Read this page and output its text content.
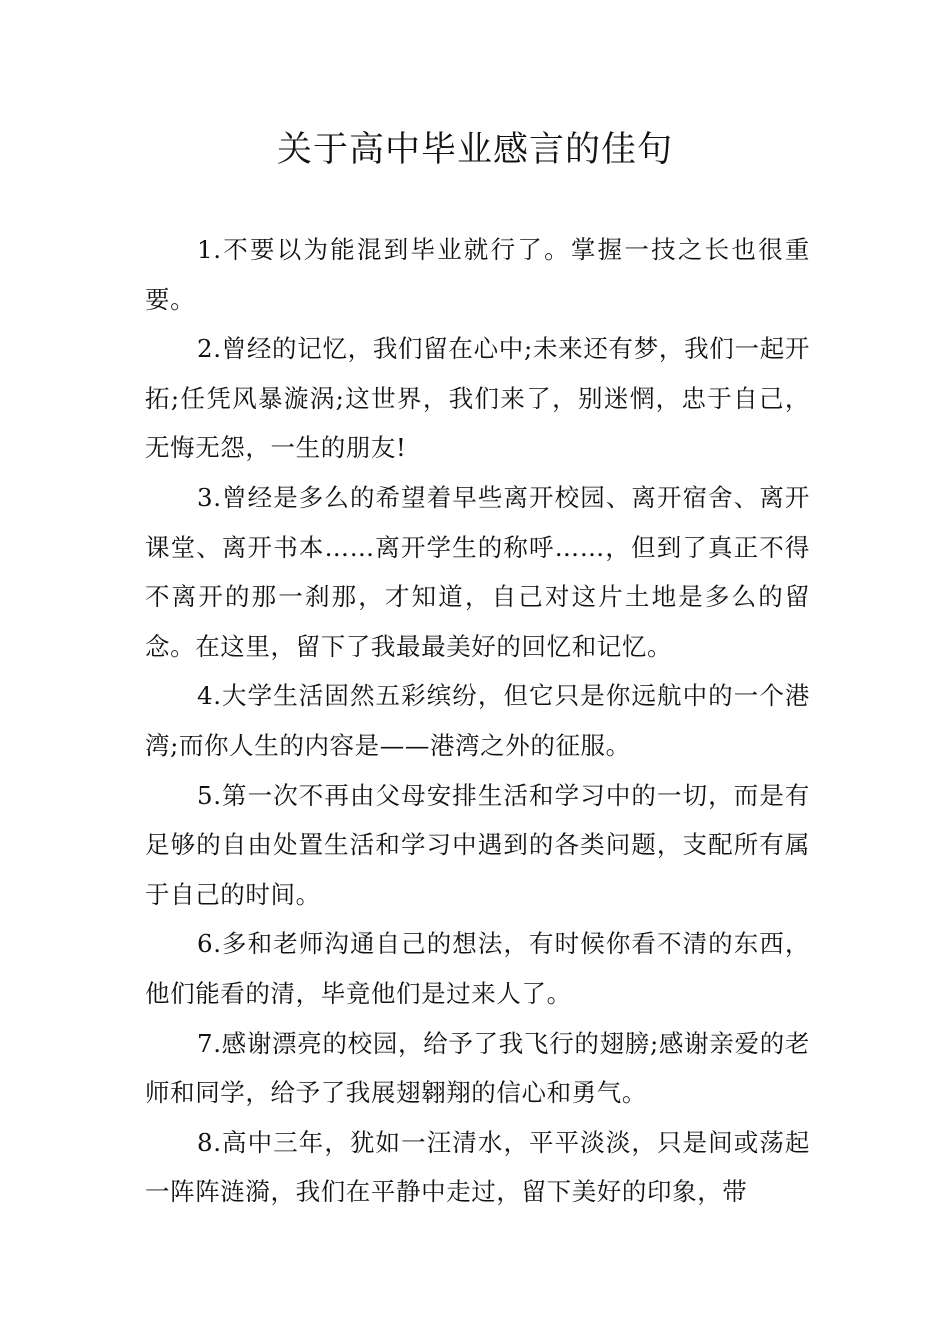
关于高中毕业感言的佳句

1.不要以为能混到毕业就行了。掌握一技之长也很重要。

2.曾经的记忆，我们留在心中;未来还有梦，我们一起开拓;任凭风暴漩涡;这世界，我们来了，别迷惘，忠于自己，无悔无怨，一生的朋友!

3.曾经是多么的希望着早些离开校园、离开宿舍、离开课堂、离开书本……离开学生的称呼……，但到了真正不得不离开的那一刹那，才知道，自己对这片土地是多么的留念。在这里，留下了我最最美好的回忆和记忆。

4.大学生活固然五彩缤纷，但它只是你远航中的一个港湾;而你人生的内容是——港湾之外的征服。

5.第一次不再由父母安排生活和学习中的一切，而是有足够的自由处置生活和学习中遇到的各类问题，支配所有属于自己的时间。

6.多和老师沟通自己的想法，有时候你看不清的东西，他们能看的清，毕竟他们是过来人了。

7.感谢漂亮的校园，给予了我飞行的翅膀;感谢亲爱的老师和同学，给予了我展翅翱翔的信心和勇气。

8.高中三年，犹如一汪清水，平平淡淡，只是间或荡起一阵阵涟漪，我们在平静中走过，留下美好的印象，带
